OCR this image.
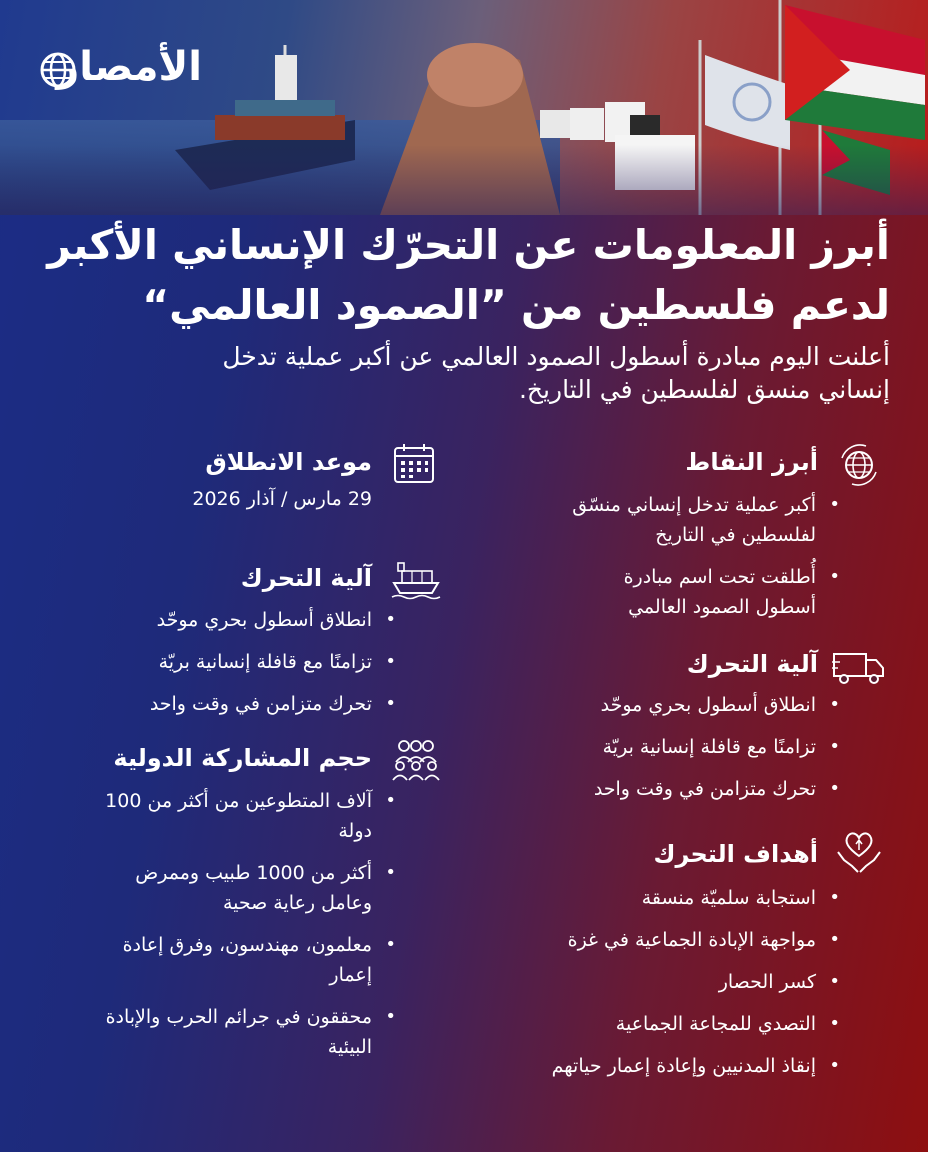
الأمصار
أبرز المعلومات عن التحرّك الإنساني الأكبر
لدعم فلسطين من ”الصمود العالمي“

أعلنت اليوم مبادرة أسطول الصمود العالمي عن أكبر عملية تدخل
إنساني منسق لفلسطين في التاريخ.

أبرز النقاط
• أكبر عملية تدخل إنساني منسّق
لفلسطين في التاريخ
• أُطلقت تحت اسم مبادرة
أسطول الصمود العالمي
آلية التحرك
• انطلاق أسطول بحري موحّد
• تزامنًا مع قافلة إنسانية بريّة
• تحرك متزامن في وقت واحد
أهداف التحرك
• استجابة سلميّة منسقة
• مواجهة الإبادة الجماعية في غزة
• كسر الحصار
• التصدي للمجاعة الجماعية
• إنقاذ المدنيين وإعادة إعمار حياتهم
موعد الانطلاق

29 مارس / آذار 2026

آلية التحرك
• انطلاق أسطول بحري موحّد
• تزامنًا مع قافلة إنسانية بريّة
• تحرك متزامن في وقت واحد
حجم المشاركة الدولية
• آلاف المتطوعين من أكثر من 100
دولة
• أكثر من 1000 طبيب وممرض
وعامل رعاية صحية
• معلمون، مهندسون، وفرق إعادة
إعمار
• محققون في جرائم الحرب والإبادة
البيئية
